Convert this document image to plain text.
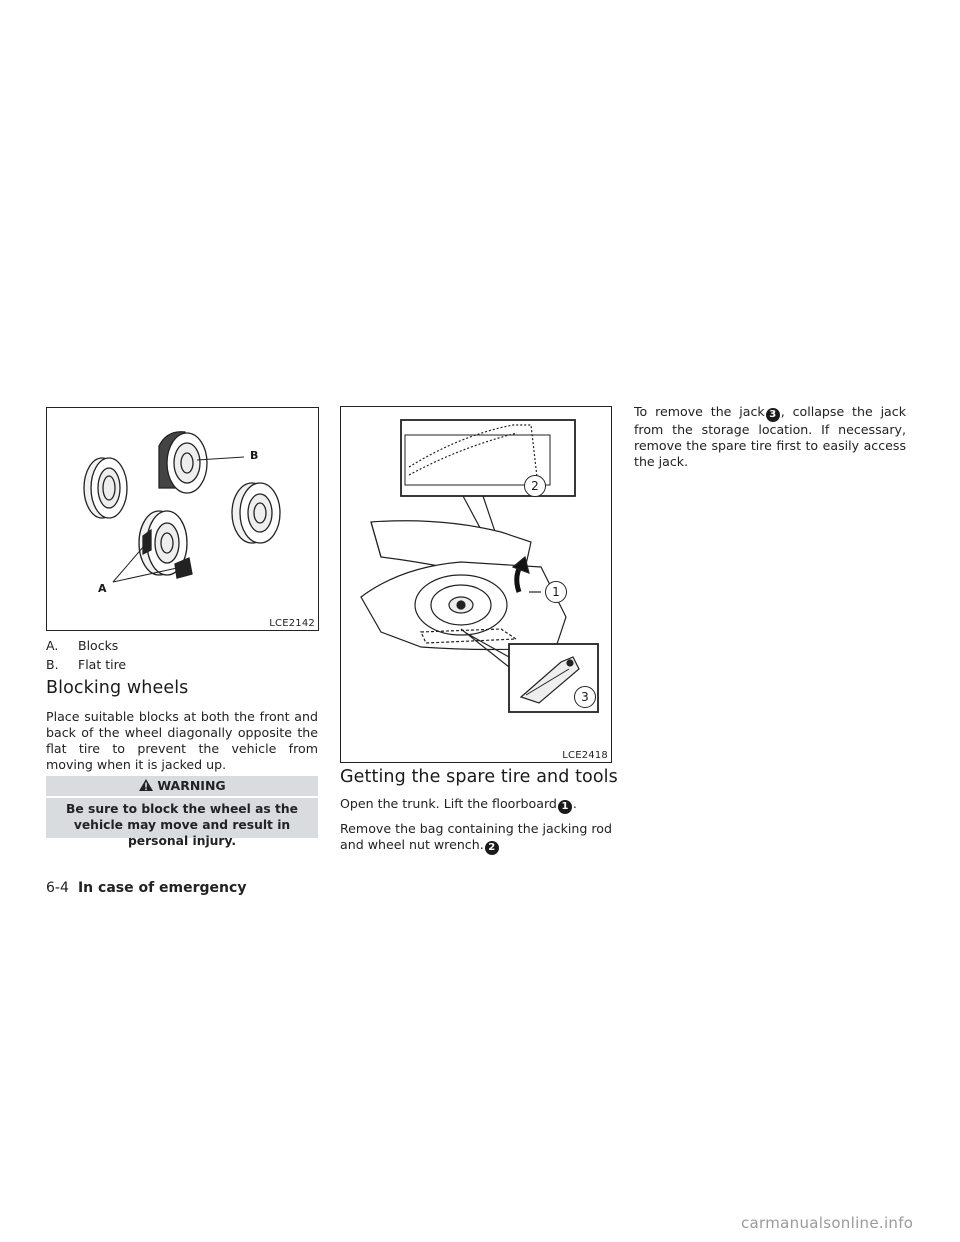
B
A
LCE2142
A. Blocks
B. Flat tire
Blocking wheels
Place suitable blocks at both the front and back of the wheel diagonally opposite the flat tire to prevent the vehicle from moving when it is jacked up.
WARNING
Be sure to block the wheel as the vehicle may move and result in personal injury.
1
2
3
LCE2418
Getting the spare tire and tools
Open the trunk. Lift the floorboard 1 .
Remove the bag containing the jacking rod and wheel nut wrench. 2
To remove the jack 3 , collapse the jack from the storage location. If necessary, remove the spare tire first to easily access the jack.
6-4 In case of emergency
carmanualsonline.info
